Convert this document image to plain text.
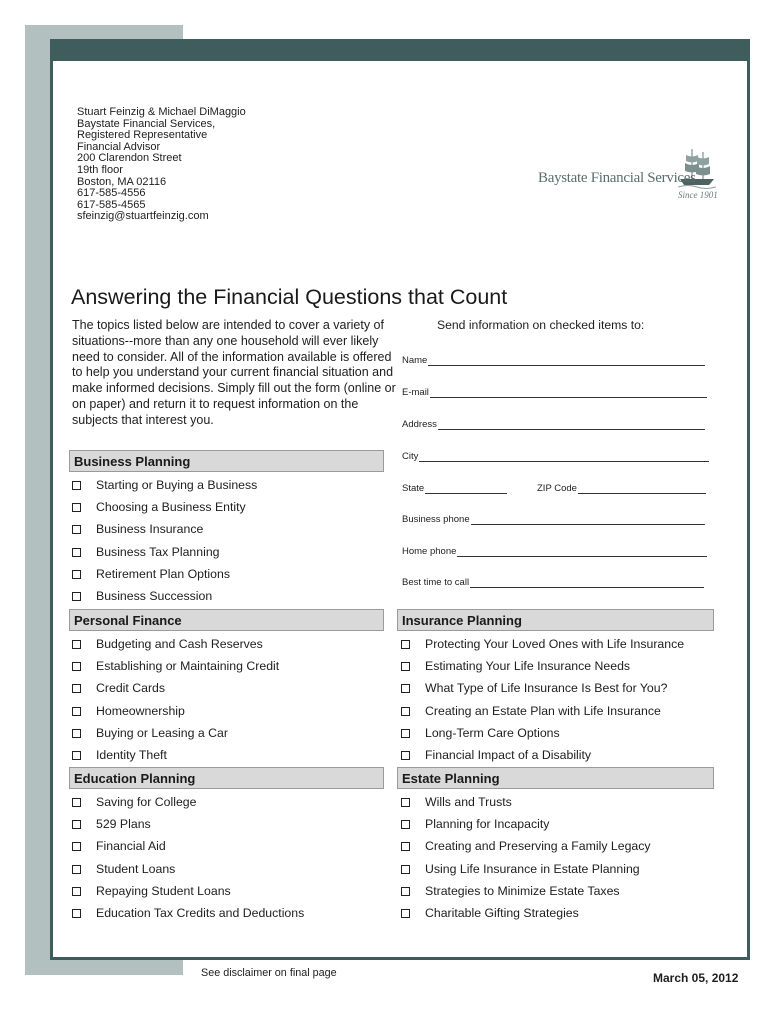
Stuart Feinzig & Michael DiMaggio
Baystate Financial Services,
Registered Representative
Financial Advisor
200 Clarendon Street
19th floor
Boston, MA 02116
617-585-4556
617-585-4565
sfeinzig@stuartfeinzig.com
Baystate Financial Services
Since 1901
Answering the Financial Questions that Count
The topics listed below are intended to cover a variety of situations--more than any one household will ever likely need to consider. All of the information available is offered to help you understand your current financial situation and make informed decisions. Simply fill out the form (online or on paper) and return it to request information on the subjects that interest you.
Send information on checked items to:
Name
E-mail
Address
City
State	ZIP Code
Business phone
Home phone
Best time to call
Business Planning
Starting or Buying a Business
Choosing a Business Entity
Business Insurance
Business Tax Planning
Retirement Plan Options
Business Succession
Personal Finance
Budgeting and Cash Reserves
Establishing or Maintaining Credit
Credit Cards
Homeownership
Buying or Leasing a Car
Identity Theft
Insurance Planning
Protecting Your Loved Ones with Life Insurance
Estimating Your Life Insurance Needs
What Type of Life Insurance Is Best for You?
Creating an Estate Plan with Life Insurance
Long-Term Care Options
Financial Impact of a Disability
Education Planning
Saving for College
529 Plans
Financial Aid
Student Loans
Repaying Student Loans
Education Tax Credits and Deductions
Estate Planning
Wills and Trusts
Planning for Incapacity
Creating and Preserving a Family Legacy
Using Life Insurance in Estate Planning
Strategies to Minimize Estate Taxes
Charitable Gifting Strategies
See disclaimer on final page	March 05, 2012
